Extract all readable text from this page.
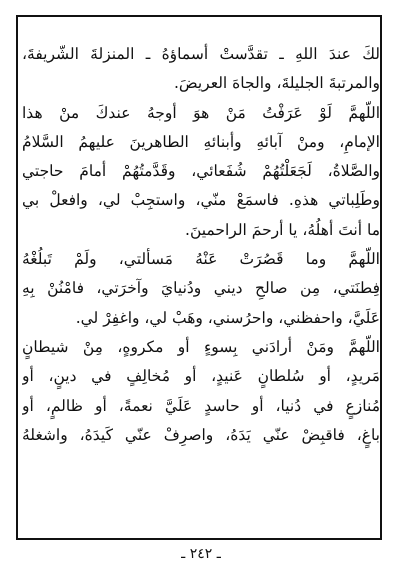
لكَ عندَ اللهِ ـ تقدَّستْ أسماؤهُ ـ المنزلةَ الشّريفةَ،
والمرتبةَ الجليلةَ، والجاهَ العريضَ.
اللّهمَّ لَوْ عَرَفْتُ مَنْ هوَ أوجهُ عندكَ منْ هذا
الإمامِ، ومنْ آبائهِ وأبنائهِ الطاهرينَ عليهمُ السَّلامُ
والصَّلاةُ، لَجَعَلْتُهُمْ شُفَعائي، وقَدَّمتُهُمْ أمامَ حاجتي
وطَلِباتي هذهِ. فاسمَعْ منّي، واستجِبْ لي، وافعلْ بي
ما أنتَ أهلُهُ، يا أرحمَ الراحمينَ.
اللّهمَّ وما قَصُرَتْ عَنْهُ مَسألتي، ولَمْ تَبلُغْهُ
فِطنَتي، مِن صالحِ ديني ودُنيايَ وآخرَتي، فامْنُنْ بِهِ
عَلَيَّ، واحفظني، واحرُسني، وهَبْ لي، واغفِرْ لي.
اللّهمَّ ومَنْ أرادَني بِسوءٍ أو مكروهٍ، مِنْ شيطانٍ
مَريدٍ، أو سُلطانٍ عَنيدٍ، أو مُخالِفٍ في دينٍ، أو
مُنازعٍ في دُنيا، أو حاسدٍ عَلَيَّ نعمةً، أو ظالمٍ، أو
باغٍ، فاقبِضْ عنّي يَدَهُ، واصرِفْ عنّي كَيدَهُ، واشغلهُ
ـ ٢٤٢ ـ
